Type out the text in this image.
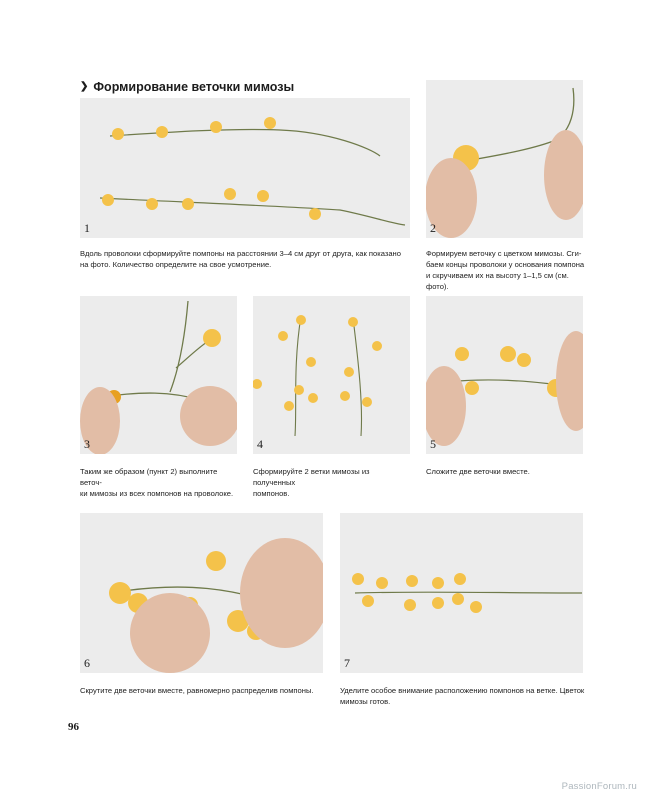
❯ Формирование веточки мимозы
1	2
Вдоль проволоки сформируйте помпоны на расстоянии 3–4 см друг от друга, как показано
на фото. Количество определите на свое усмотрение.
Формируем веточку с цветком мимозы. Сги-
баем концы проволоки у основания помпона
и скручиваем их на высоту 1–1,5 см (см. фото).
3	4	5
Таким же образом (пункт 2) выполните веточ-
ки мимозы из всех помпонов на проволоке.
Сформируйте 2 ветки мимозы из полученных
помпонов.
Сложите две веточки вместе.
6	7
Скрутите две веточки вместе, равномерно распределив помпоны.	Уделите особое внимание расположению помпонов на ветке. Цветок
мимозы готов.
96
PassionForum.ru
